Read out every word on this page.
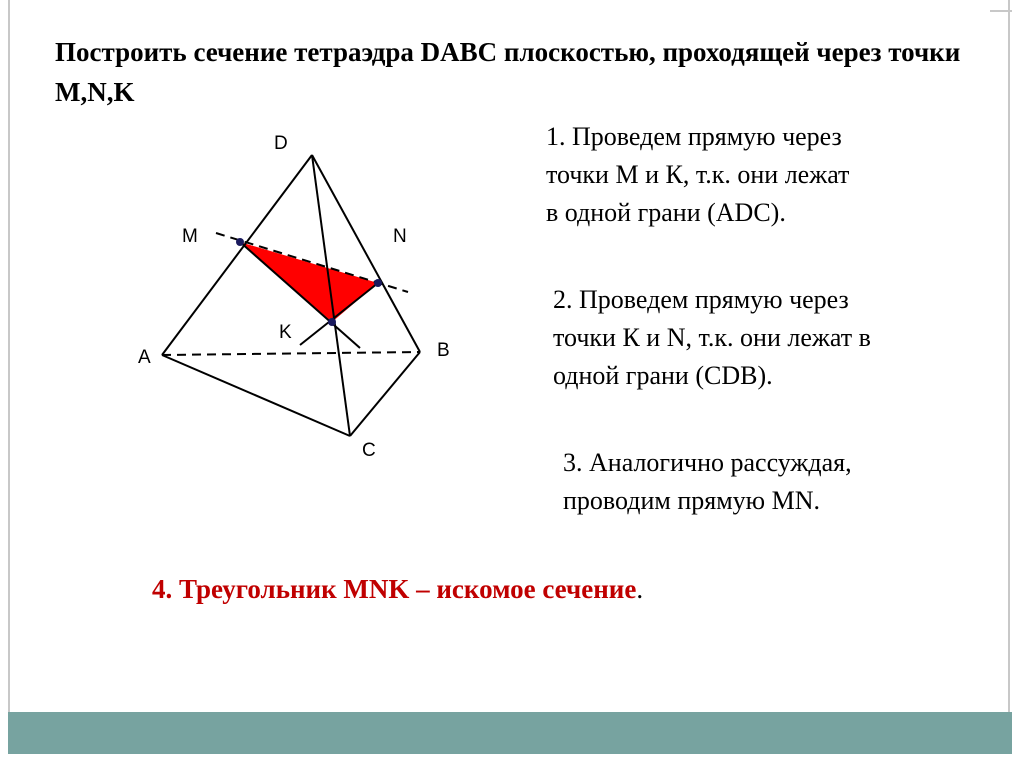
Построить сечение тетраэдра DABC плоскостью, проходящей через точки M,N,K

D
M	N
K
A	B
C

1. Проведем прямую через
точки М и К, т.к. они лежат
в одной грани (ADC).

2. Проведем прямую через
точки К и N, т.к. они лежат в
одной грани (CDB).

3. Аналогично рассуждая,
проводим прямую MN.

4. Треугольник MNK – искомое сечение.
